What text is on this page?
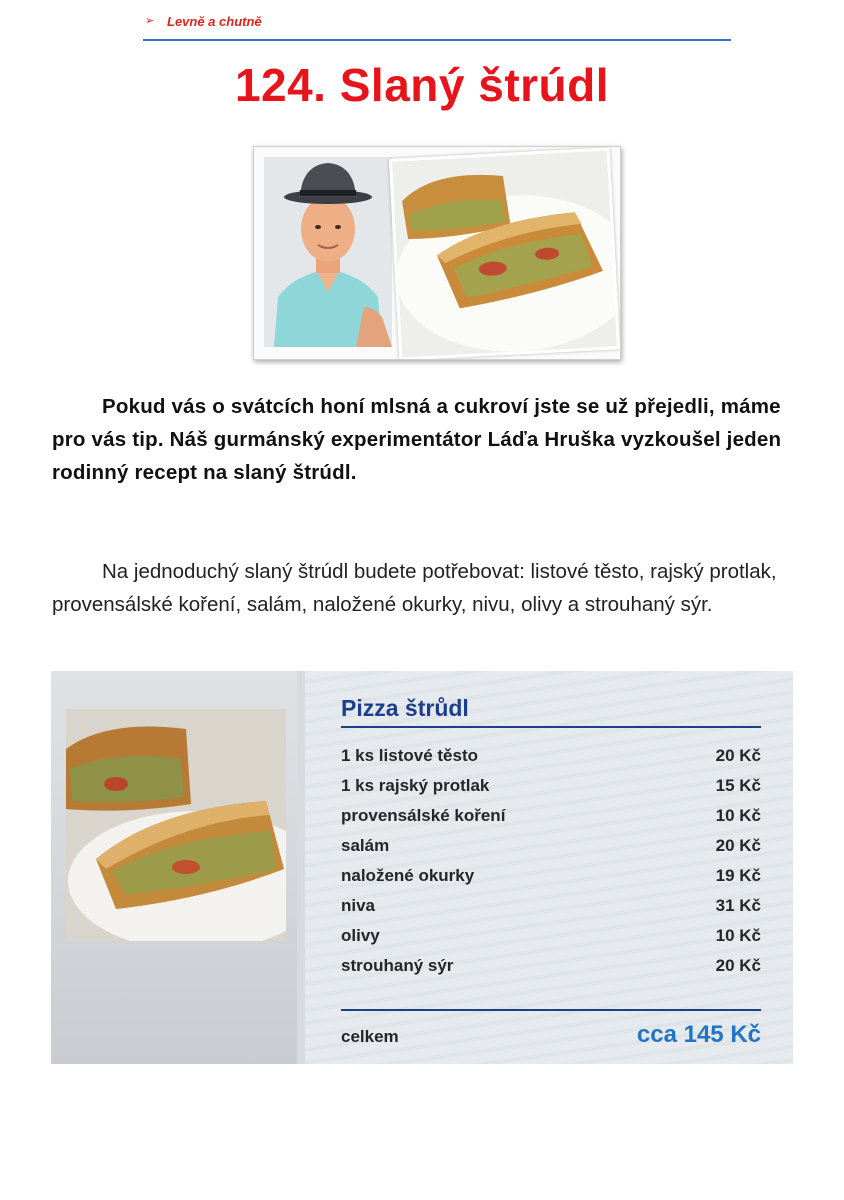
➢ Levně a chutně
124. Slaný štrúdl

Pokud vás o svátcích honí mlsná a cukroví jste se už přejedli, máme pro vás tip. Náš gurmánský experimentátor Láďa Hruška vyzkoušel jeden rodinný recept na slaný štrúdl.

Na jednoduchý slaný štrúdl budete potřebovat: listové těsto, rajský protlak, provensálské koření, salám, naložené okurky, nivu, olivy a strouhaný sýr.

Pizza štrůdl
1 ks listové těsto	20 Kč
1 ks rajský protlak	15 Kč
provensálské koření	10 Kč
salám	20 Kč
naložené okurky	19 Kč
niva	31 Kč
olivy	10 Kč
strouhaný sýr	20 Kč
celkem	cca 145 Kč
